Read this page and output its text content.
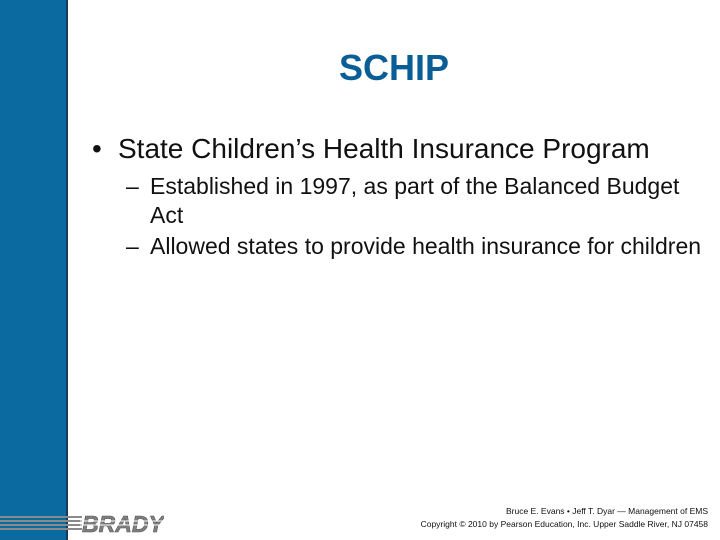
SCHIP
• State Children’s Health Insurance Program
– Established in 1997, as part of the Balanced Budget Act
– Allowed states to provide health insurance for children
BRADY	Bruce E. Evans • Jeff T. Dyar — Management of EMS
Copyright © 2010 by Pearson Education, Inc. Upper Saddle River, NJ 07458
